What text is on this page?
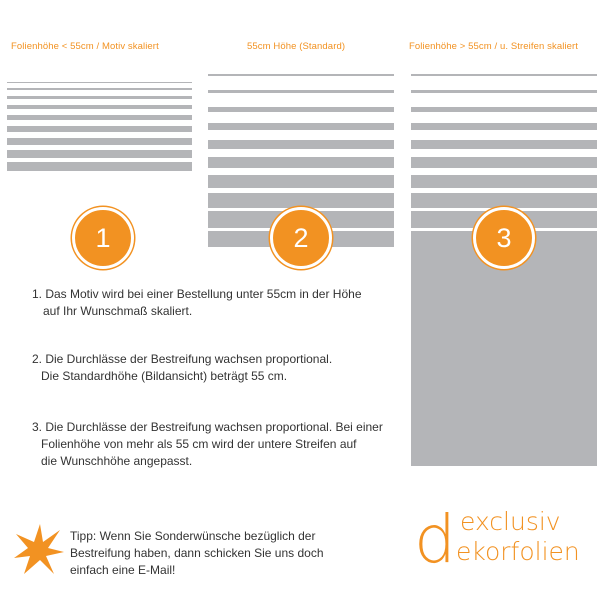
Folienhöhe < 55cm / Motiv skaliert	55cm Höhe (Standard)	Folienhöhe > 55cm / u. Streifen skaliert
1	2	3
1. Das Motiv wird bei einer Bestellung unter 55cm in der Höhe
auf Ihr Wunschmaß skaliert.
2. Die Durchlässe der Bestreifung wachsen proportional.
Die Standardhöhe (Bildansicht) beträgt 55 cm.
3. Die Durchlässe der Bestreifung wachsen proportional. Bei einer
Folienhöhe von mehr als 55 cm wird der untere Streifen auf
die Wunschhöhe angepasst.
Tipp: Wenn Sie Sonderwünsche bezüglich der
Bestreifung haben, dann schicken Sie uns doch
einfach eine E-Mail!	d exclusiv
ekorfolien
